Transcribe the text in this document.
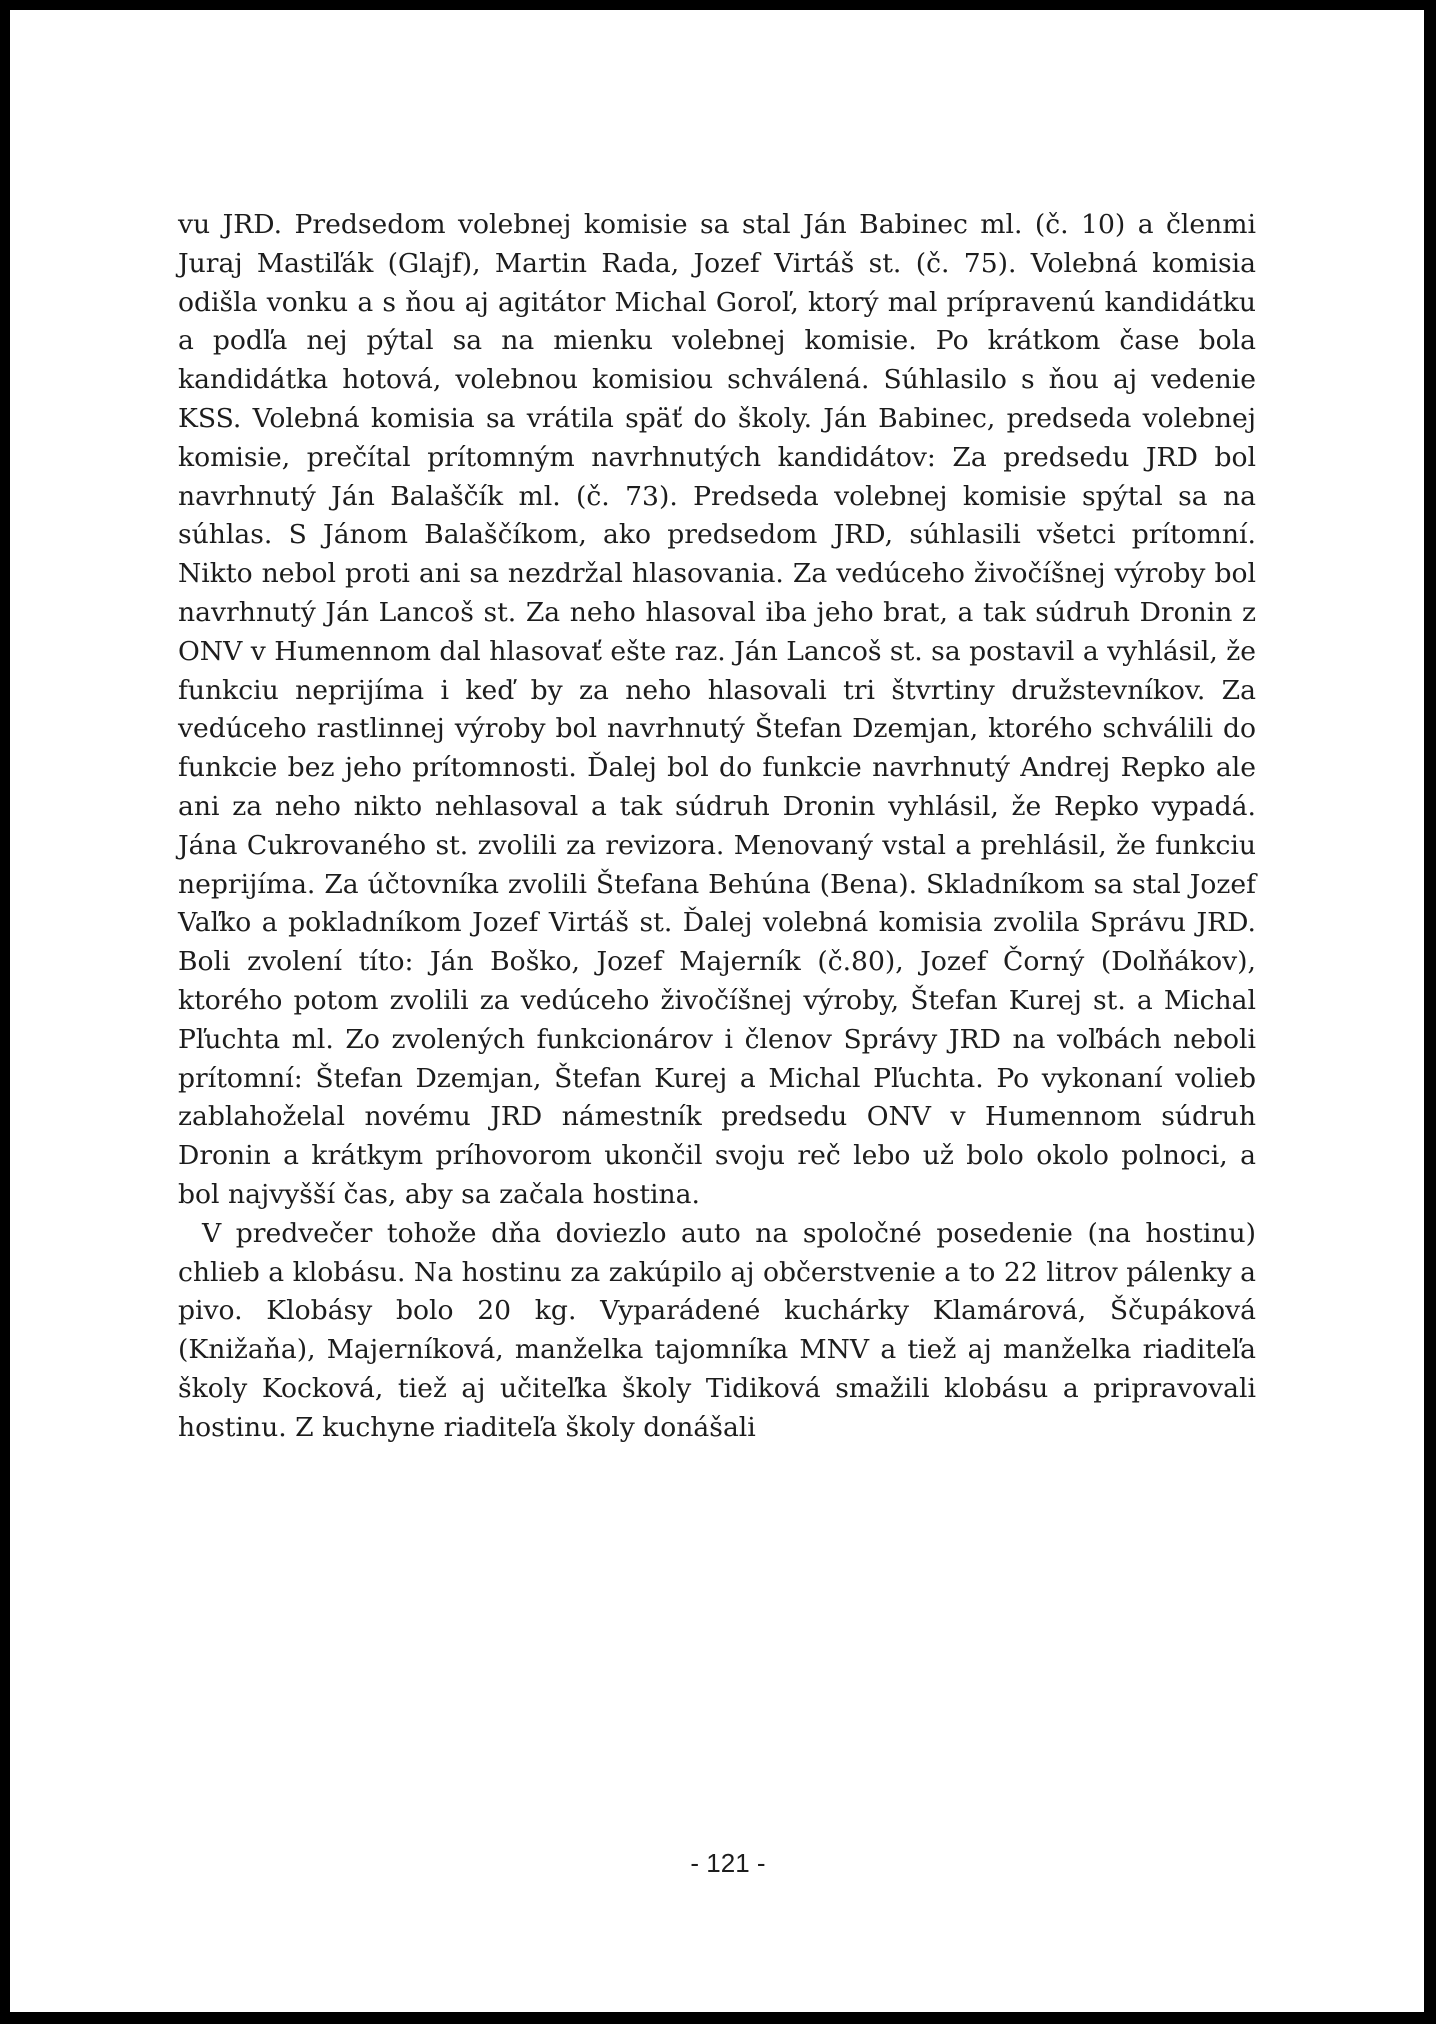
vu JRD. Predsedom volebnej komisie sa stal Ján Babinec ml. (č. 10) a členmi Juraj Mastiľák (Glajf), Martin Rada, Jozef Virtáš st. (č. 75). Volebná komisia odišla vonku a s ňou aj agitátor Michal Goroľ, ktorý mal prípravenú kandidátku a podľa nej pýtal sa na mienku volebnej komisie. Po krátkom čase bola kandidátka hotová, volebnou komisiou schválená. Súhlasilo s ňou aj vedenie KSS. Volebná komisia sa vrátila späť do školy. Ján Babinec, predseda volebnej komisie, prečítal prítomným navrhnutých kandidátov: Za predsedu JRD bol navrhnutý Ján Balaščík ml. (č. 73). Predseda volebnej komisie spýtal sa na súhlas. S Jánom Balaščíkom, ako predsedom JRD, súhlasili všetci prítomní. Nikto nebol proti ani sa nezdržal hlasovania. Za vedúceho živočíšnej výroby bol navrhnutý Ján Lancoš st. Za neho hlasoval iba jeho brat, a tak súdruh Dronin z ONV v Humennom dal hlasovať ešte raz. Ján Lancoš st. sa postavil a vyhlásil, že funkciu neprijíma i keď by za neho hlasovali tri štvrtiny družstevníkov. Za vedúceho rastlinnej výroby bol navrhnutý Štefan Dzemjan, ktorého schválili do funkcie bez jeho prítomnosti. Ďalej bol do funkcie navrhnutý Andrej Repko ale ani za neho nikto nehlasoval a tak súdruh Dronin vyhlásil, že Repko vypadá. Jána Cukrovaného st. zvolili za revizora. Menovaný vstal a prehlásil, že funkciu neprijíma. Za účtovníka zvolili Štefana Behúna (Bena). Skladníkom sa stal Jozef Vaľko a pokladníkom Jozef Virtáš st. Ďalej volebná komisia zvolila Správu JRD. Boli zvolení títo: Ján Boško, Jozef Majerník (č.80), Jozef Čorný (Dolňákov), ktorého potom zvolili za vedúceho živočíšnej výroby, Štefan Kurej st. a Michal Pľuchta ml. Zo zvolených funkcionárov i členov Správy JRD na voľbách neboli prítomní: Štefan Dzemjan, Štefan Kurej a Michal Pľuchta. Po vykonaní volieb zablahoželal novému JRD námestník predsedu ONV v Humennom súdruh Dronin a krátkym príhovorom ukončil svoju reč lebo už bolo okolo polnoci, a bol najvyšší čas, aby sa začala hostina.

V predvečer tohože dňa doviezlo auto na spoločné posedenie (na hostinu) chlieb a klobásu. Na hostinu za zakúpilo aj občerstvenie a to 22 litrov pálenky a pivo. Klobásy bolo 20 kg. Vyparádené kuchárky Klamárová, Ščupáková (Knižaňa), Majerníková, manželka tajomníka MNV a tiež aj manželka riaditeľa školy Kocková, tiež aj učiteľka školy Tidiková smažili klobásu a pripravovali hostinu. Z kuchyne riaditeľa školy donášali

- 121 -
